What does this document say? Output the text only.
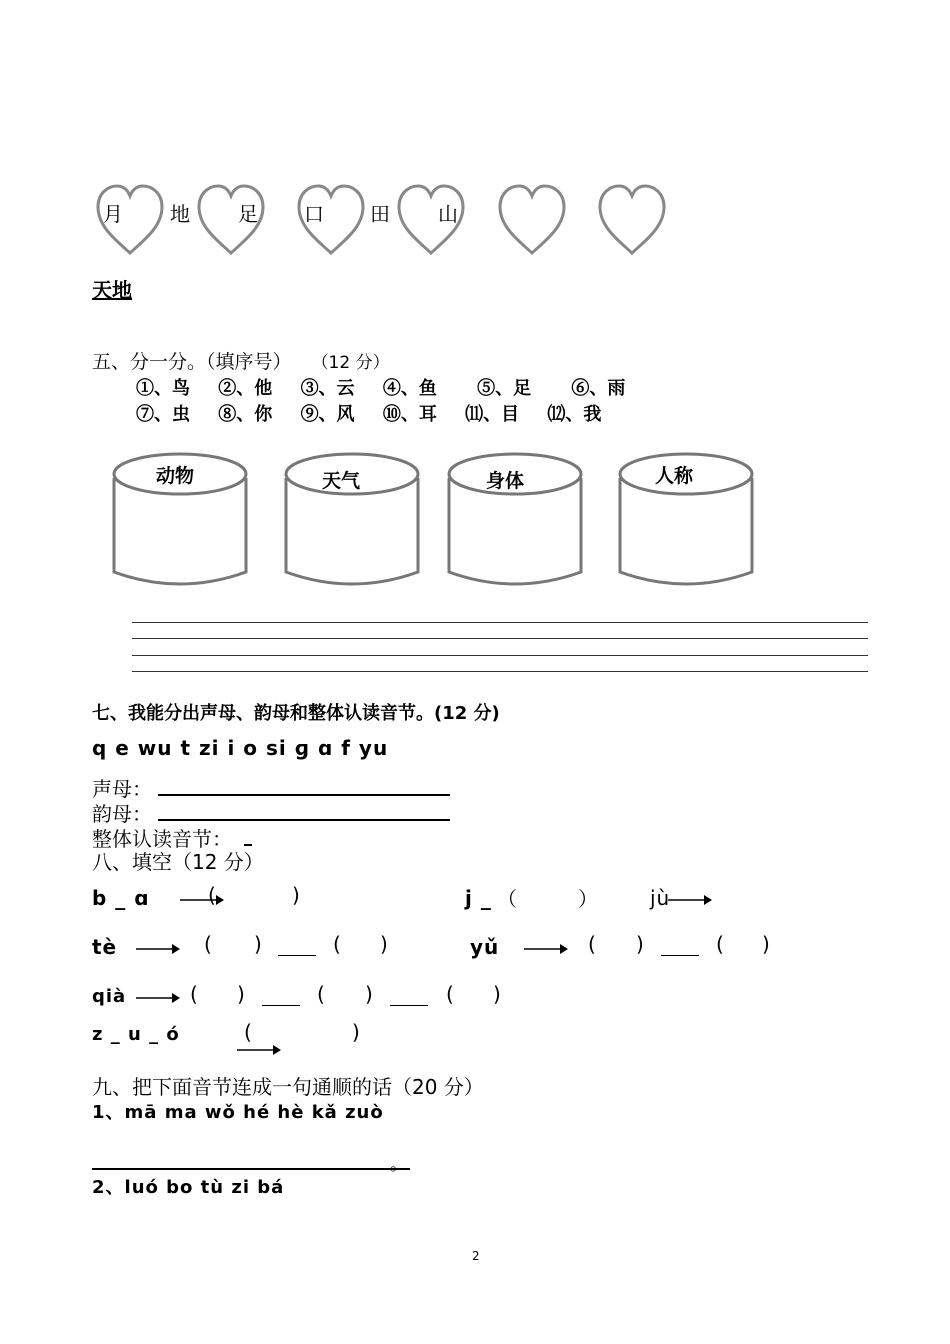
月 地 足 口 田 山
天地
五、分一分。（填序号） （12 分）
①、鸟 ②、他 ③、云 ④、鱼 ⑤、足 ⑥、雨
⑦、虫 ⑧、你 ⑨、风 ⑩、耳 ⑾、目 ⑿、我
动物	天气	身体	人称
七、我能分出声母、韵母和整体认读音节。(12 分)
q e wu t zi i o si ɡ ɑ f yu
声母：
韵母：
整体认读音节：
八、填空（12 分）
b _ ɑ	(	)	j _ （	）	jù
tè	( )	( )	yǔ	( )	( )
qià	( )	( )	( )
z _ u _ ó	(	)
九、把下面音节连成一句通顺的话（20 分）
1、mā ma wǒ hé hè kǎ zuò
。
2、luó bo tù zi bá
2
